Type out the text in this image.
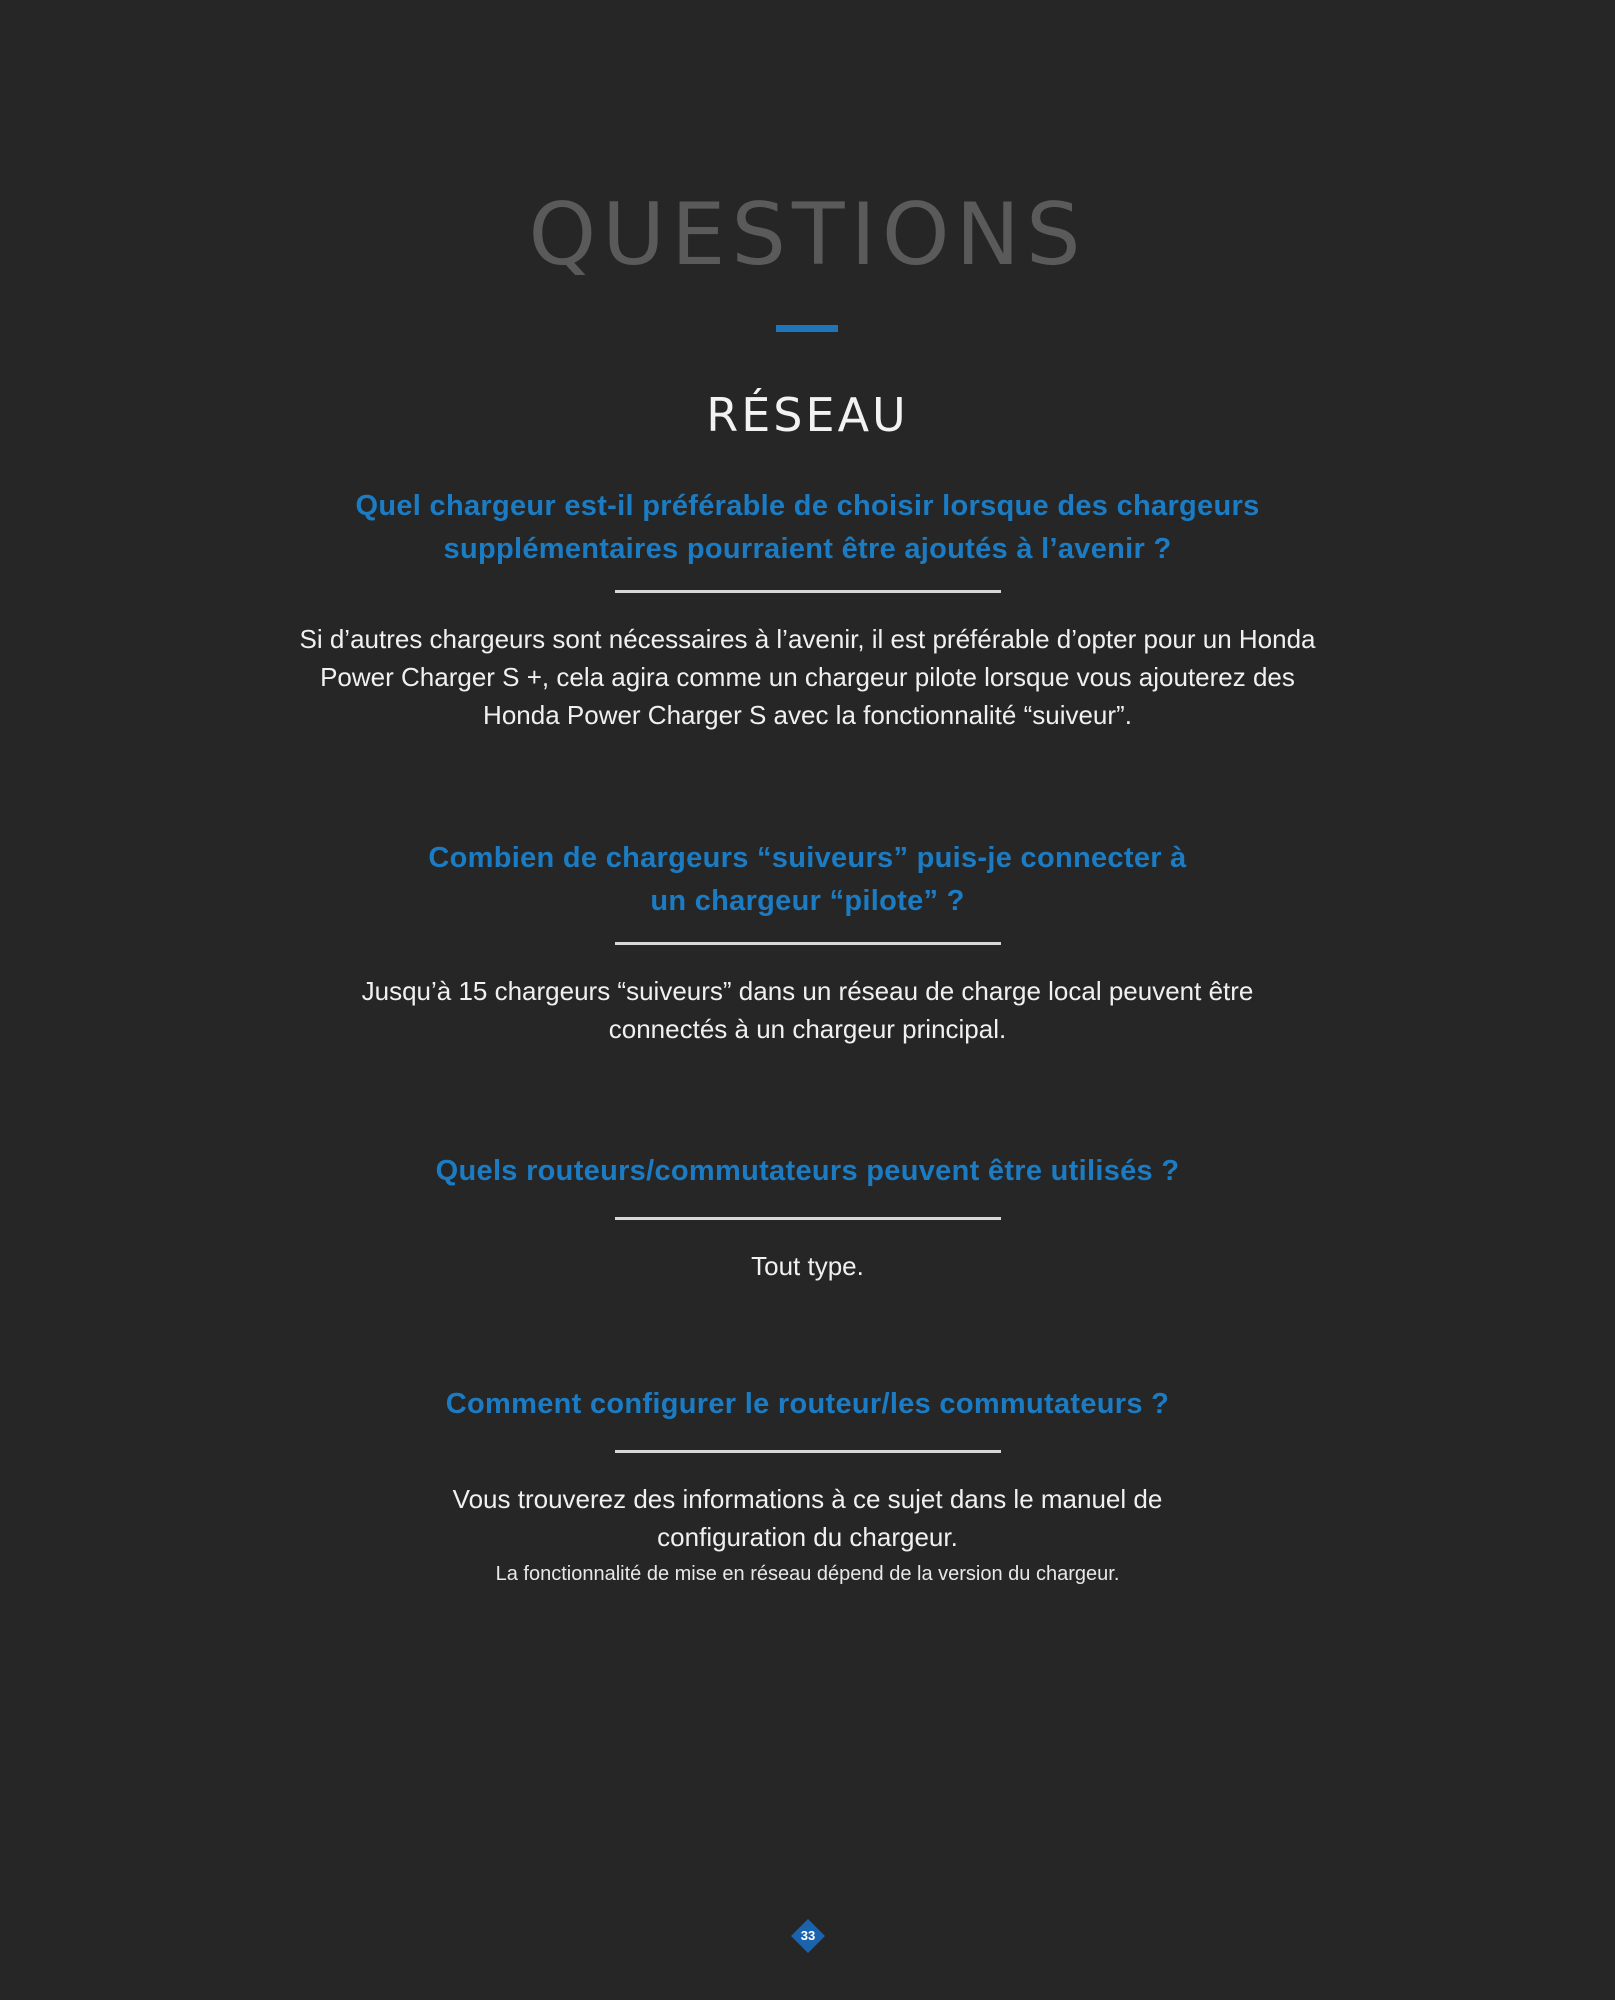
QUESTIONS
RÉSEAU

Quel chargeur est-il préférable de choisir lorsque des chargeurs supplémentaires pourraient être ajoutés à l’avenir ?

Si d’autres chargeurs sont nécessaires à l’avenir, il est préférable d’opter pour un Honda Power Charger S +, cela agira comme un chargeur pilote lorsque vous ajouterez des Honda Power Charger S avec la fonctionnalité “suiveur”.

Combien de chargeurs “suiveurs” puis-je connecter à un chargeur “pilote” ?

Jusqu’à 15 chargeurs “suiveurs” dans un réseau de charge local peuvent être connectés à un chargeur principal.

Quels routeurs/commutateurs peuvent être utilisés ?

Tout type.

Comment configurer le routeur/les commutateurs ?

Vous trouverez des informations à ce sujet dans le manuel de configuration du chargeur.

La fonctionnalité de mise en réseau dépend de la version du chargeur.

33
